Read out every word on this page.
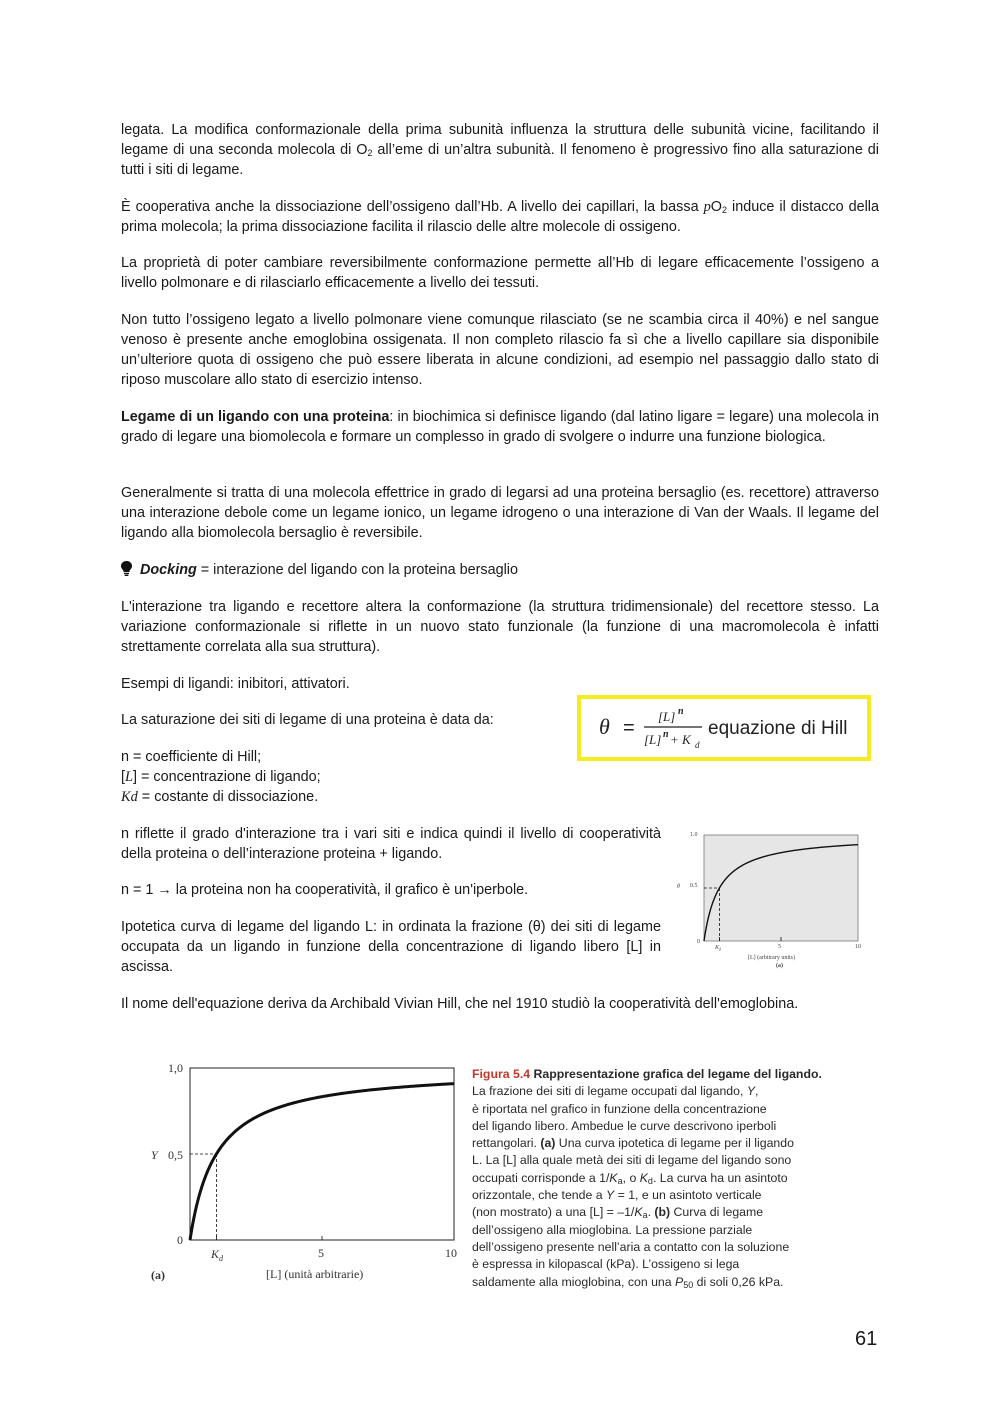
legata. La modifica conformazionale della prima subunità influenza la struttura delle subunità vicine, facilitando il legame di una seconda molecola di $O_2$ all’eme di un’altra subunità. Il fenomeno è progressivo fino alla saturazione di tutti i siti di legame.

È cooperativa anche la dissociazione dell’ossigeno dall’Hb. A livello dei capillari, la bassa $pO_2$ induce il distacco della prima molecola; la prima dissociazione facilita il rilascio delle altre molecole di ossigeno.

La proprietà di poter cambiare reversibilmente conformazione permette all’Hb di legare efficacemente l’ossigeno a livello polmonare e di rilasciarlo efficacemente a livello dei tessuti.

Non tutto l’ossigeno legato a livello polmonare viene comunque rilasciato (se ne scambia circa il 40%) e nel sangue venoso è presente anche emoglobina ossigenata. Il non completo rilascio fa sì che a livello capillare sia disponibile un’ulteriore quota di ossigeno che può essere liberata in alcune condizioni, ad esempio nel passaggio dallo stato di riposo muscolare allo stato di esercizio intenso.

Legame di un ligando con una proteina: in biochimica si definisce ligando (dal latino ligare = legare) una molecola in grado di legare una biomolecola e formare un complesso in grado di svolgere o indurre una funzione biologica.

Generalmente si tratta di una molecola effettrice in grado di legarsi ad una proteina bersaglio (es. recettore) attraverso una interazione debole come un legame ionico, un legame idrogeno o una interazione di Van der Waals. Il legame del ligando alla biomolecola bersaglio è reversibile.

Docking = interazione del ligando con la proteina bersaglio

L'interazione tra ligando e recettore altera la conformazione (la struttura tridimensionale) del recettore stesso. La variazione conformazionale si riflette in un nuovo stato funzionale (la funzione di una macromolecola è infatti strettamente correlata alla sua struttura).

Esempi di ligandi: inibitori, attivatori.

La saturazione dei siti di legame di una proteina è data da:

n = coefficiente di Hill;
[L] = concentrazione di ligando;
Kd = costante di dissociazione.

n riflette il grado d'interazione tra i vari siti e indica quindi il livello di cooperatività della proteina o dell’interazione proteina + ligando.

n = 1 → la proteina non ha cooperatività, il grafico è un'iperbole.

Ipotetica curva di legame del ligando L: in ordinata la frazione (θ) dei siti di legame occupata da un ligando in funzione della concentrazione di ligando libero [L] in ascissa.

Il nome dell'equazione deriva da Archibald Vivian Hill, che nel 1910 studiò la cooperatività dell'emoglobina.

θ =
[L] n
[L] n + K d
equazione di Hill
1.0
0.5
0
θ
$K_d$	5	10
[L] (arbitrary units)
(a)
1,0
0,5
0
Y
$K_d$	5	10
[L] (unità arbitrarie)
(a)
Figura 5.4 Rappresentazione grafica del legame del ligando.
La frazione dei siti di legame occupati dal ligando, Y,
è riportata nel grafico in funzione della concentrazione
del ligando libero. Ambedue le curve descrivono iperboli
rettangolari. (a) Una curva ipotetica di legame per il ligando
L. La [L] alla quale metà dei siti di legame del ligando sono
occupati corrisponde a $1/K_a$, o $K_d$. La curva ha un asintoto
orizzontale, che tende a Y = 1, e un asintoto verticale
(non mostrato) a una $[L] = -1/K_a$. (b) Curva di legame
dell’ossigeno alla mioglobina. La pressione parziale
dell’ossigeno presente nell’aria a contatto con la soluzione
è espressa in kilopascal (kPa). L’ossigeno si lega
saldamente alla mioglobina, con una $P_{50}$ di soli 0,26 kPa.
61
